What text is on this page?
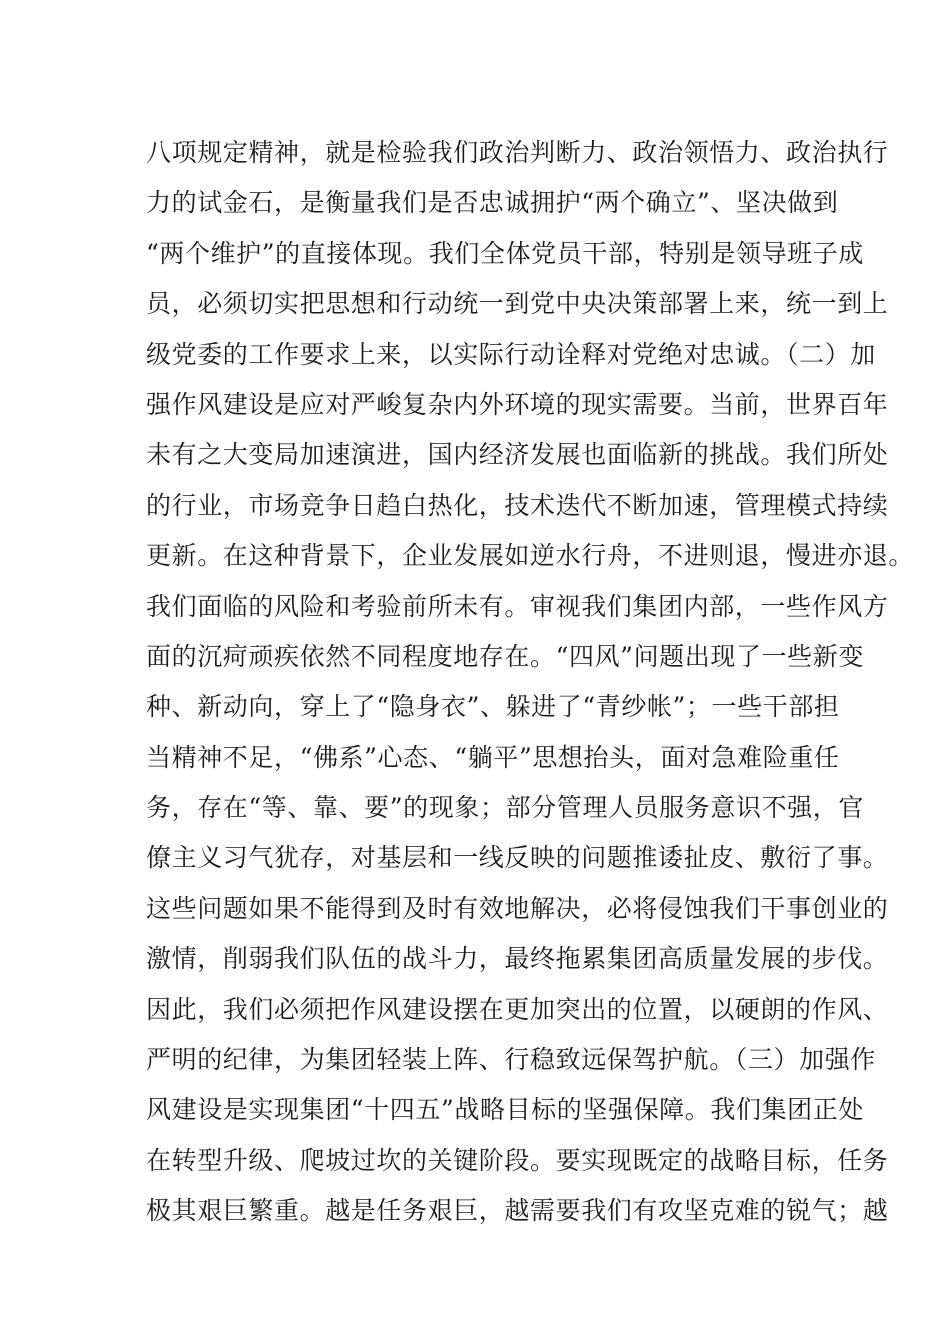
八项规定精神，就是检验我们政治判断力、政治领悟力、政治执行
力的试金石，是衡量我们是否忠诚拥护“两个确立”、坚决做到
“两个维护”的直接体现。我们全体党员干部，特别是领导班子成
员，必须切实把思想和行动统一到党中央决策部署上来，统一到上
级党委的工作要求上来，以实际行动诠释对党绝对忠诚。（二）加
强作风建设是应对严峻复杂内外环境的现实需要。当前，世界百年
未有之大变局加速演进，国内经济发展也面临新的挑战。我们所处
的行业，市场竞争日趋白热化，技术迭代不断加速，管理模式持续
更新。在这种背景下，企业发展如逆水行舟，不进则退，慢进亦退。
我们面临的风险和考验前所未有。审视我们集团内部，一些作风方
面的沉疴顽疾依然不同程度地存在。“四风”问题出现了一些新变
种、新动向，穿上了“隐身衣”、躲进了“青纱帐”；一些干部担
当精神不足，“佛系”心态、“躺平”思想抬头，面对急难险重任
务，存在“等、靠、要”的现象；部分管理人员服务意识不强，官
僚主义习气犹存，对基层和一线反映的问题推诿扯皮、敷衍了事。
这些问题如果不能得到及时有效地解决，必将侵蚀我们干事创业的
激情，削弱我们队伍的战斗力，最终拖累集团高质量发展的步伐。
因此，我们必须把作风建设摆在更加突出的位置，以硬朗的作风、
严明的纪律，为集团轻装上阵、行稳致远保驾护航。（三）加强作
风建设是实现集团“十四五”战略目标的坚强保障。我们集团正处
在转型升级、爬坡过坎的关键阶段。要实现既定的战略目标，任务
极其艰巨繁重。越是任务艰巨，越需要我们有攻坚克难的锐气；越
